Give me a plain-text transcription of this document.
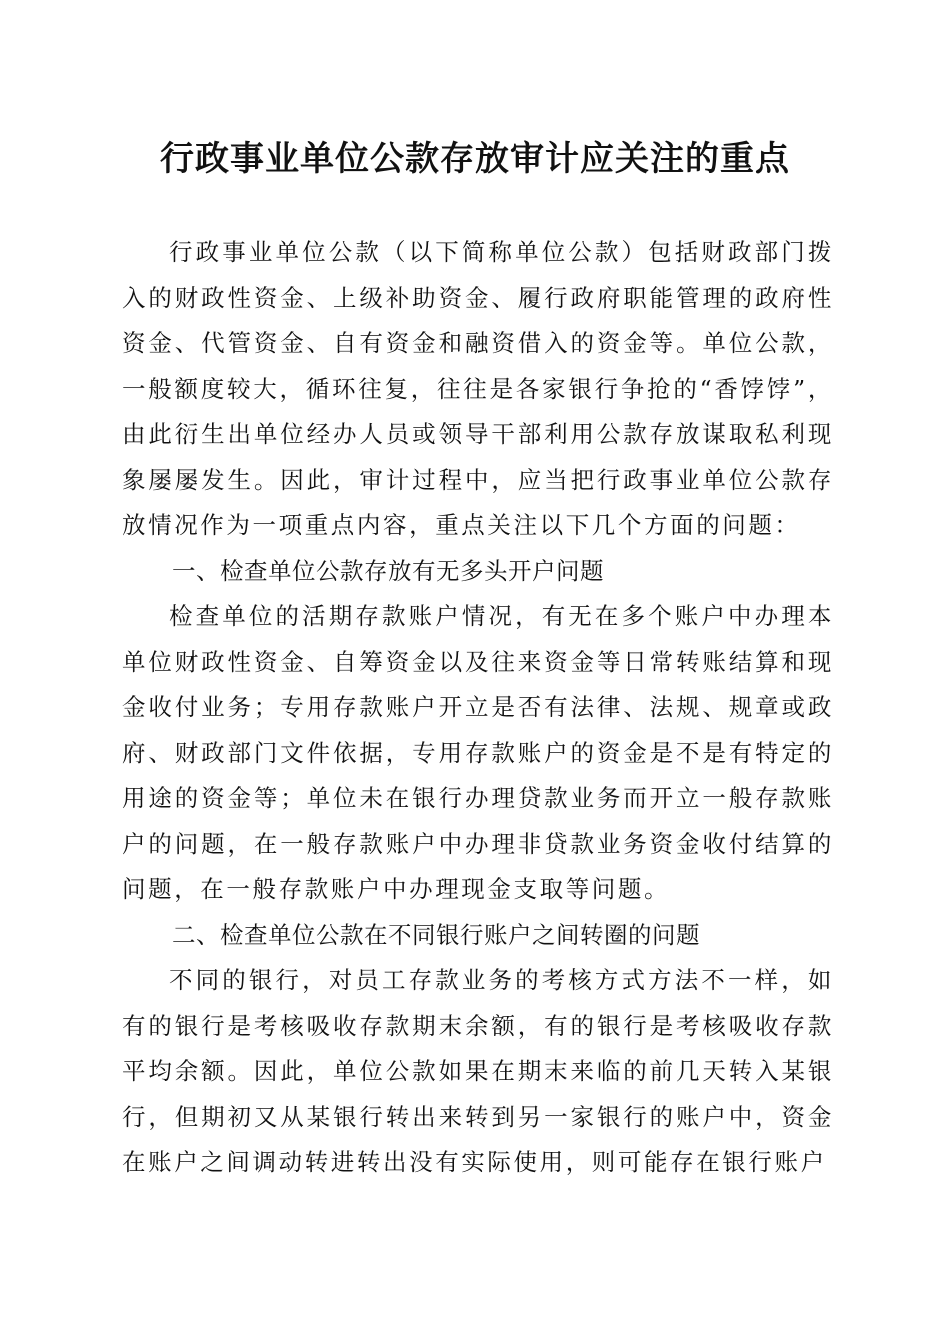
行政事业单位公款存放审计应关注的重点

行政事业单位公款（以下简称单位公款）包括财政部门拨入的财政性资金、上级补助资金、履行政府职能管理的政府性资金、代管资金、自有资金和融资借入的资金等。单位公款，一般额度较大，循环往复，往往是各家银行争抢的“香饽饽”，由此衍生出单位经办人员或领导干部利用公款存放谋取私利现象屡屡发生。因此，审计过程中，应当把行政事业单位公款存放情况作为一项重点内容，重点关注以下几个方面的问题：

一、检查单位公款存放有无多头开户问题

检查单位的活期存款账户情况，有无在多个账户中办理本单位财政性资金、自筹资金以及往来资金等日常转账结算和现金收付业务；专用存款账户开立是否有法律、法规、规章或政府、财政部门文件依据，专用存款账户的资金是不是有特定的用途的资金等；单位未在银行办理贷款业务而开立一般存款账户的问题，在一般存款账户中办理非贷款业务资金收付结算的问题，在一般存款账户中办理现金支取等问题。

二、检查单位公款在不同银行账户之间转圈的问题

不同的银行，对员工存款业务的考核方式方法不一样，如有的银行是考核吸收存款期末余额，有的银行是考核吸收存款平均余额。因此，单位公款如果在期末来临的前几天转入某银行，但期初又从某银行转出来转到另一家银行的账户中，资金在账户之间调动转进转出没有实际使用，则可能存在银行账户
